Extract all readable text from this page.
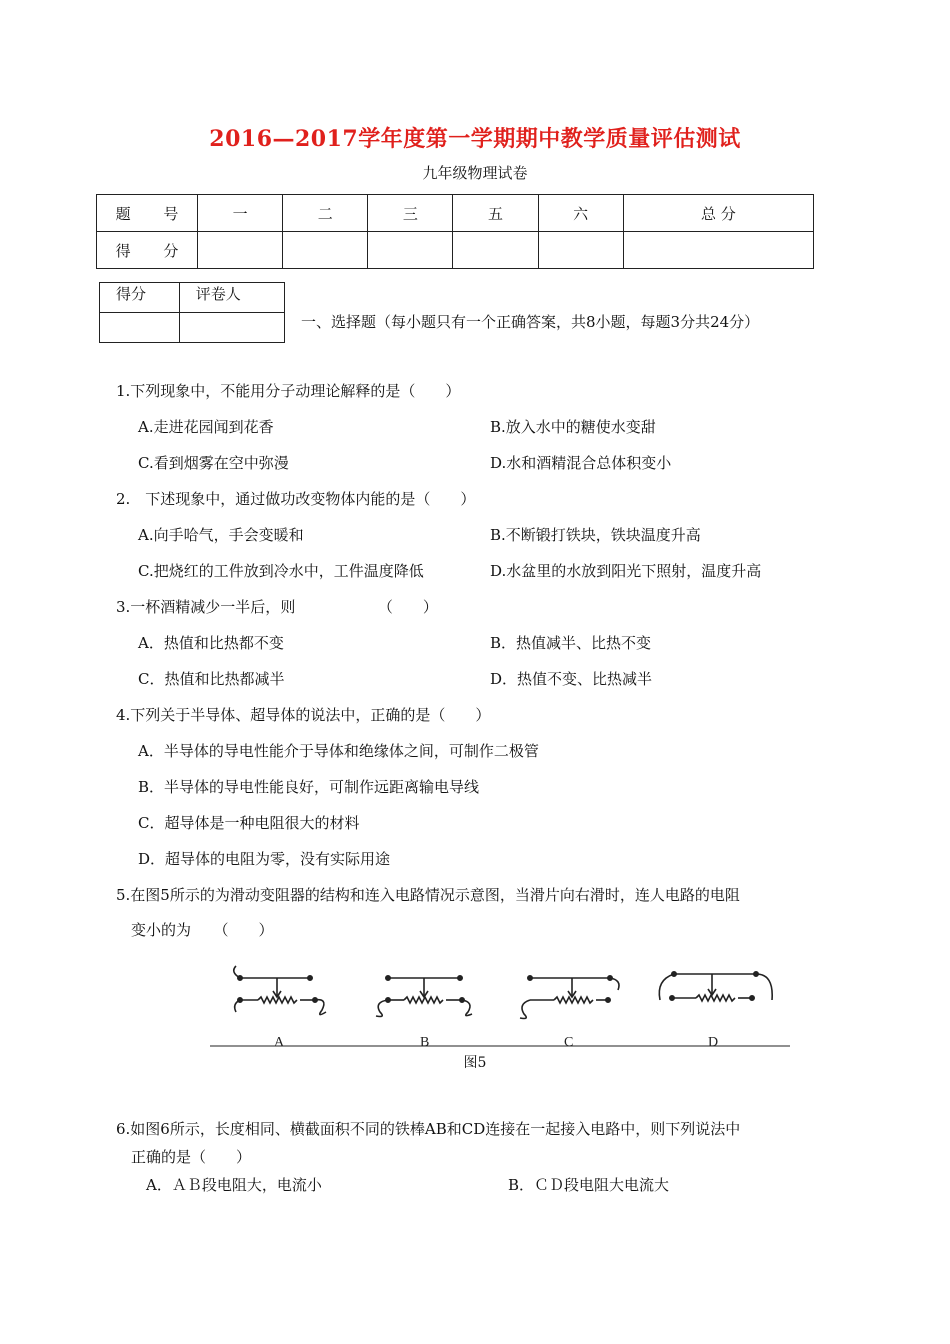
2016—2017学年度第一学期期中教学质量评估测试
九年级物理试卷
题 号	一	二	三	五	六	总 分
得 分						
得分	评卷人

一、选择题（每小题只有一个正确答案，共8小题，每题3分共24分）
1.下列现象中，不能用分子动理论解释的是（　　）
A.走进花园闻到花香	B.放入水中的糖使水变甜
C.看到烟雾在空中弥漫	D.水和酒精混合总体积变小
2.　下述现象中，通过做功改变物体内能的是（　　）
A.向手哈气，手会变暖和	B.不断锻打铁块，铁块温度升高
C.把烧红的工件放到冷水中，工件温度降低	D.水盆里的水放到阳光下照射，温度升高
3.一杯酒精减少一半后，则　　　　　　（　　）
A．热值和比热都不变	B．热值减半、比热不变
C．热值和比热都减半	D．热值不变、比热减半
4.下列关于半导体、超导体的说法中，正确的是（　　）
A．半导体的导电性能介于导体和绝缘体之间，可制作二极管
B．半导体的导电性能良好，可制作远距离输电导线
C．超导体是一种电阻很大的材料
D．超导体的电阻为零，没有实际用途
5.在图5所示的为滑动变阻器的结构和连入电路情况示意图，当滑片向右滑时，连人电路的电阻
变小的为　　（　　）
A	B	C	D
图5
6.如图6所示，长度相同、横截面积不同的铁棒AB和CD连接在一起接入电路中，则下列说法中
正确的是（　　）
A．ＡＢ段电阻大，电流小	B．ＣＤ段电阻大电流大
